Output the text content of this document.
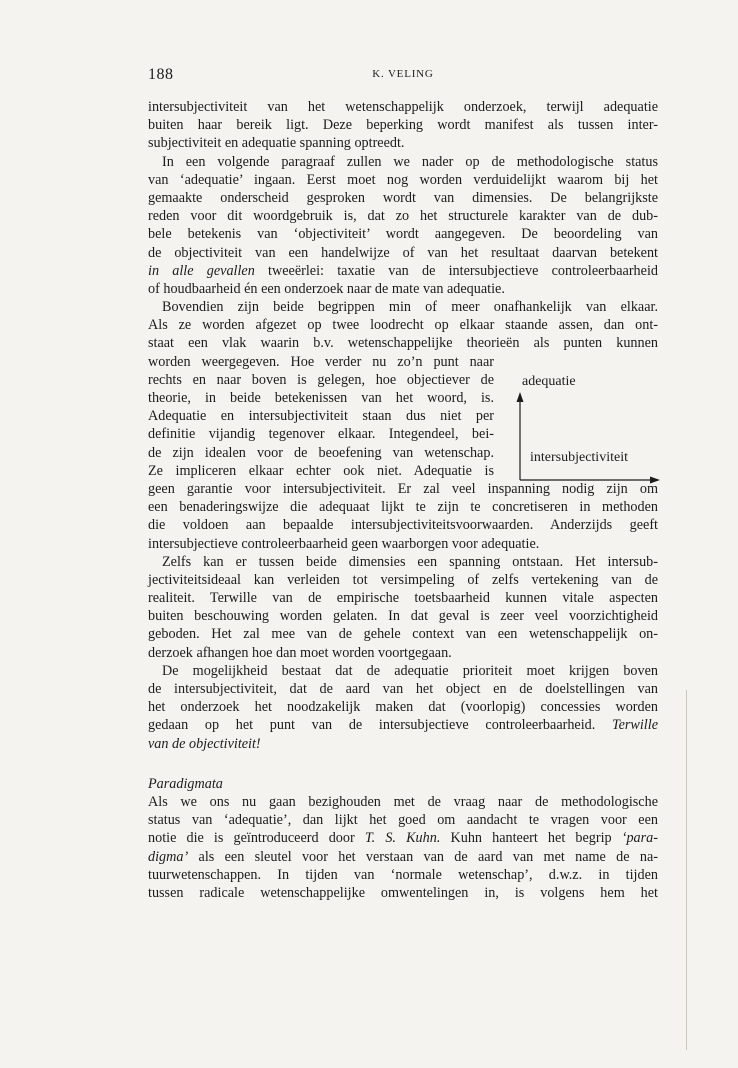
188	K. VELING
intersubjectiviteit van het wetenschappelijk onderzoek, terwijl adequatie
buiten haar bereik ligt. Deze beperking wordt manifest als tussen inter-
subjectiviteit en adequatie spanning optreedt.
In een volgende paragraaf zullen we nader op de methodologische status
van ‘adequatie’ ingaan. Eerst moet nog worden verduidelijkt waarom bij het
gemaakte onderscheid gesproken wordt van dimensies. De belangrijkste
reden voor dit woordgebruik is, dat zo het structurele karakter van de dub-
bele betekenis van ‘objectiviteit’ wordt aangegeven. De beoordeling van
de objectiviteit van een handelwijze of van het resultaat daarvan betekent
in alle gevallen tweeërlei: taxatie van de intersubjectieve controleerbaarheid
of houdbaarheid én een onderzoek naar de mate van adequatie.
Bovendien zijn beide begrippen min of meer onafhankelijk van elkaar.
Als ze worden afgezet op twee loodrecht op elkaar staande assen, dan ont-
staat een vlak waarin b.v. wetenschappelijke theorieën als punten kunnen
worden weergegeven. Hoe verder nu zo’n punt naar
rechts en naar boven is gelegen, hoe objectiever de
theorie, in beide betekenissen van het woord, is.
Adequatie en intersubjectiviteit staan dus niet per
definitie vijandig tegenover elkaar. Integendeel, bei-
de zijn idealen voor de beoefening van wetenschap.
Ze impliceren elkaar echter ook niet. Adequatie is
geen garantie voor intersubjectiviteit. Er zal veel inspanning nodig zijn om
een benaderingswijze die adequaat lijkt te zijn te concretiseren in methoden
die voldoen aan bepaalde intersubjectiviteitsvoorwaarden. Anderzijds geeft
intersubjectieve controleerbaarheid geen waarborgen voor adequatie.
Zelfs kan er tussen beide dimensies een spanning ontstaan. Het intersub-
jectiviteitsideaal kan verleiden tot versimpeling of zelfs vertekening van de
realiteit. Terwille van de empirische toetsbaarheid kunnen vitale aspecten
buiten beschouwing worden gelaten. In dat geval is zeer veel voorzichtigheid
geboden. Het zal mee van de gehele context van een wetenschappelijk on-
derzoek afhangen hoe dan moet worden voortgegaan.
De mogelijkheid bestaat dat de adequatie prioriteit moet krijgen boven
de intersubjectiviteit, dat de aard van het object en de doelstellingen van
het onderzoek het noodzakelijk maken dat (voorlopig) concessies worden
gedaan op het punt van de intersubjectieve controleerbaarheid. Terwille
van de objectiviteit!
Paradigmata
Als we ons nu gaan bezighouden met de vraag naar de methodologische
status van ‘adequatie’, dan lijkt het goed om aandacht te vragen voor een
notie die is geïntroduceerd door T. S. Kuhn. Kuhn hanteert het begrip ‘para-
digma’ als een sleutel voor het verstaan van de aard van met name de na-
tuurwetenschappen. In tijden van ‘normale wetenschap’, d.w.z. in tijden
tussen radicale wetenschappelijke omwentelingen in, is volgens hem het
adequatie
intersubjectiviteit
